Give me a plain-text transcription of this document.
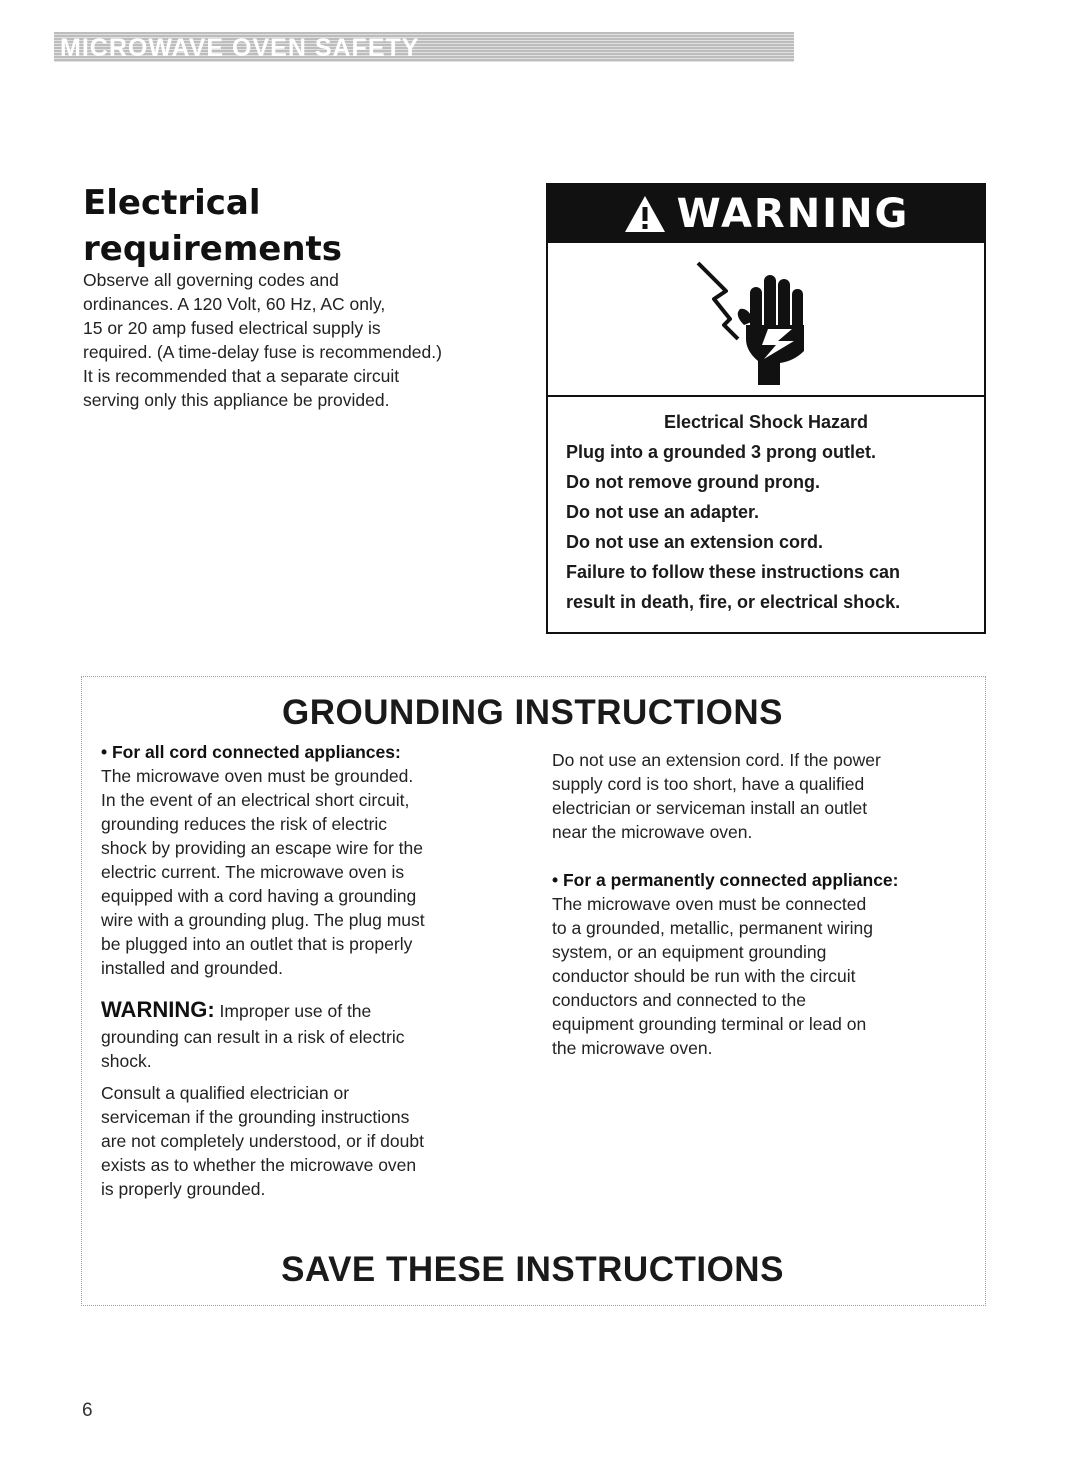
MICROWAVE OVEN SAFETY
Electrical
requirements
Observe all governing codes and
ordinances. A 120 Volt, 60 Hz, AC only,
15 or 20 amp fused electrical supply is
required. (A time-delay fuse is recommended.)
It is recommended that a separate circuit
serving only this appliance be provided.
WARNING

Electrical Shock Hazard

Plug into a grounded 3 prong outlet.

Do not remove ground prong.

Do not use an adapter.

Do not use an extension cord.

Failure to follow these instructions can

result in death, fire, or electrical shock.

GROUNDING INSTRUCTIONS

• For all cord connected appliances:

The microwave oven must be grounded.

In the event of an electrical short circuit,

grounding reduces the risk of electric

shock by providing an escape wire for the

electric current. The microwave oven is

equipped with a cord having a grounding

wire with a grounding plug. The plug must

be plugged into an outlet that is properly

installed and grounded.

WARNING: Improper use of the

grounding can result in a risk of electric

shock.

Consult a qualified electrician or

serviceman if the grounding instructions

are not completely understood, or if doubt

exists as to whether the microwave oven

is properly grounded.

Do not use an extension cord. If the power

supply cord is too short, have a qualified

electrician or serviceman install an outlet

near the microwave oven.

• For a permanently connected appliance:

The microwave oven must be connected

to a grounded, metallic, permanent wiring

system, or an equipment grounding

conductor should be run with the circuit

conductors and connected to the

equipment grounding terminal or lead on

the microwave oven.

SAVE THESE INSTRUCTIONS
6
